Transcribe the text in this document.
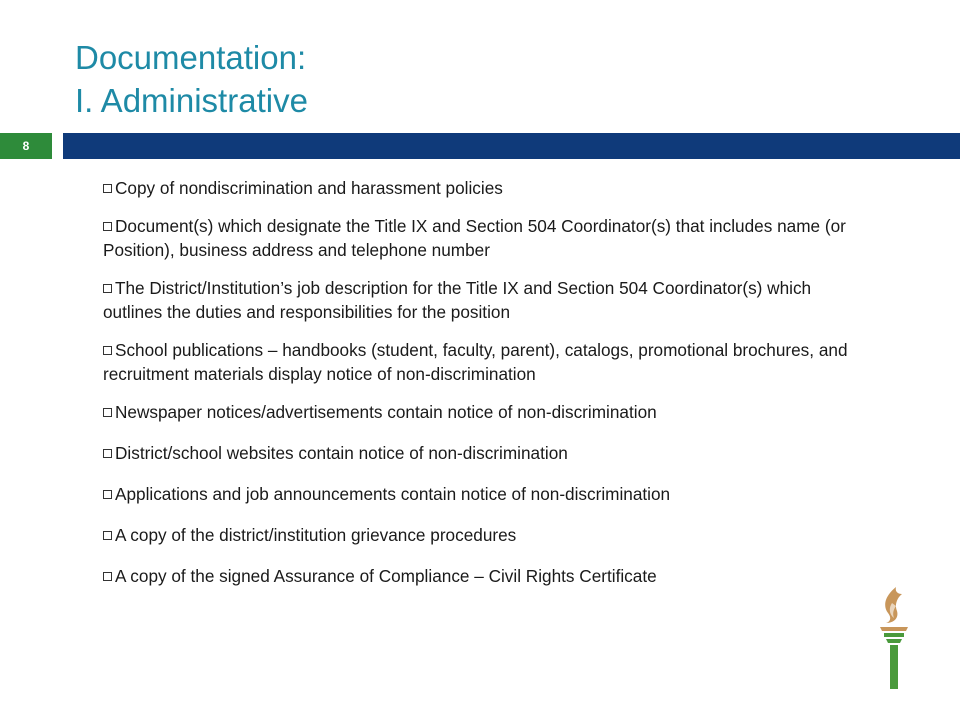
Documentation:
I. Administrative
8
Copy of nondiscrimination and harassment policies
Document(s) which designate the Title IX and Section 504 Coordinator(s) that includes name (or Position), business address and telephone number
The District/Institution’s job description for the Title IX and Section 504 Coordinator(s) which outlines the duties and responsibilities for the position
School publications – handbooks (student, faculty, parent), catalogs, promotional brochures, and recruitment materials display notice of non-discrimination
Newspaper notices/advertisements contain notice of non-discrimination
District/school websites contain notice of non-discrimination
Applications and job announcements contain notice of non-discrimination
A copy of the district/institution grievance procedures
A copy of the signed Assurance of Compliance – Civil Rights Certificate
